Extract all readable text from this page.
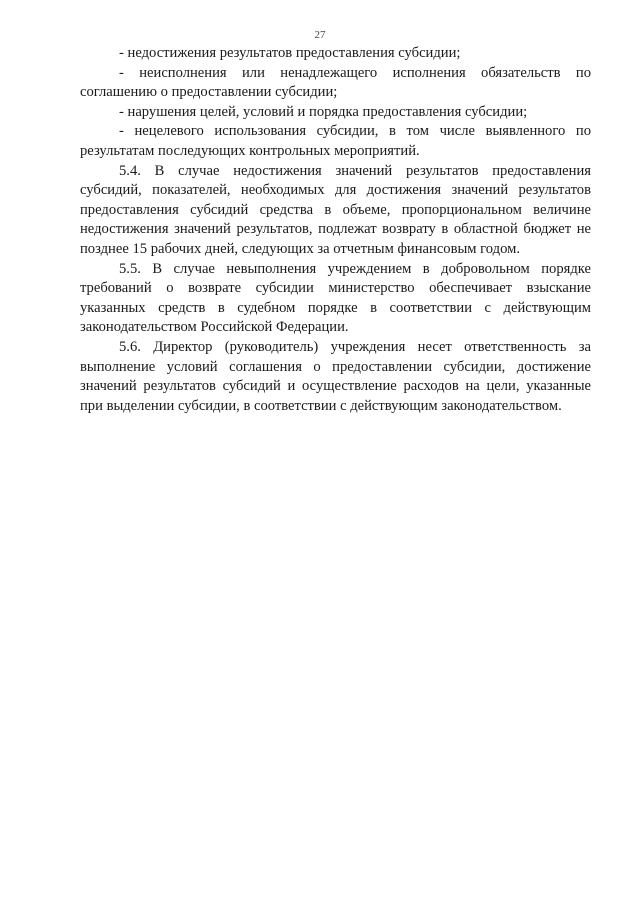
27

- недостижения результатов предоставления субсидии;

- неисполнения или ненадлежащего исполнения обязательств по соглашению о предоставлении субсидии;

- нарушения целей, условий и порядка предоставления субсидии;

- нецелевого использования субсидии, в том числе выявленного по результатам последующих контрольных мероприятий.

5.4. В случае недостижения значений результатов предоставления субсидий, показателей, необходимых для достижения значений результатов предоставления субсидий средства в объеме, пропорциональном величине недостижения значений результатов, подлежат возврату в областной бюджет не позднее 15 рабочих дней, следующих за отчетным финансовым годом.

5.5. В случае невыполнения учреждением в добровольном порядке требований о возврате субсидии министерство обеспечивает взыскание указанных средств в судебном порядке в соответствии с действующим законодательством Российской Федерации.

5.6. Директор (руководитель) учреждения несет ответственность за выполнение условий соглашения о предоставлении субсидии, достижение значений результатов субсидий и осуществление расходов на цели, указанные при выделении субсидии, в соответствии с действующим законодательством.
